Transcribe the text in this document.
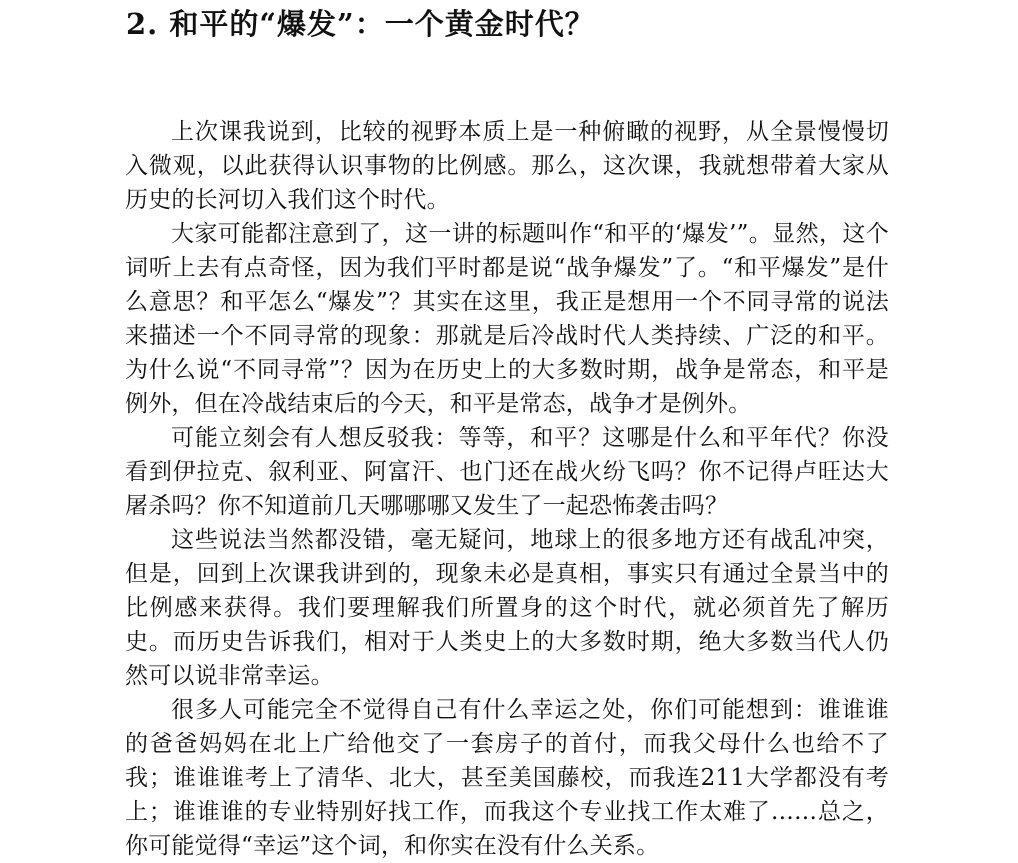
2. 和平的“爆发”：一个黄金时代？

上次课我说到，比较的视野本质上是一种俯瞰的视野，从全景慢慢切入微观，以此获得认识事物的比例感。那么，这次课，我就想带着大家从历史的长河切入我们这个时代。

大家可能都注意到了，这一讲的标题叫作“和平的‘爆发’”。显然，这个词听上去有点奇怪，因为我们平时都是说“战争爆发”了。“和平爆发”是什么意思？和平怎么“爆发”？其实在这里，我正是想用一个不同寻常的说法来描述一个不同寻常的现象：那就是后冷战时代人类持续、广泛的和平。为什么说“不同寻常”？因为在历史上的大多数时期，战争是常态，和平是例外，但在冷战结束后的今天，和平是常态，战争才是例外。

可能立刻会有人想反驳我：等等，和平？这哪是什么和平年代？你没看到伊拉克、叙利亚、阿富汗、也门还在战火纷飞吗？你不记得卢旺达大屠杀吗？你不知道前几天哪哪哪又发生了一起恐怖袭击吗？

这些说法当然都没错，毫无疑问，地球上的很多地方还有战乱冲突，但是，回到上次课我讲到的，现象未必是真相，事实只有通过全景当中的比例感来获得。我们要理解我们所置身的这个时代，就必须首先了解历史。而历史告诉我们，相对于人类史上的大多数时期，绝大多数当代人仍然可以说非常幸运。

很多人可能完全不觉得自己有什么幸运之处，你们可能想到：谁谁谁的爸爸妈妈在北上广给他交了一套房子的首付，而我父母什么也给不了我；谁谁谁考上了清华、北大，甚至美国藤校，而我连211大学都没有考上；谁谁谁的专业特别好找工作，而我这个专业找工作太难了……总之，你可能觉得“幸运”这个词，和你实在没有什么关系。
